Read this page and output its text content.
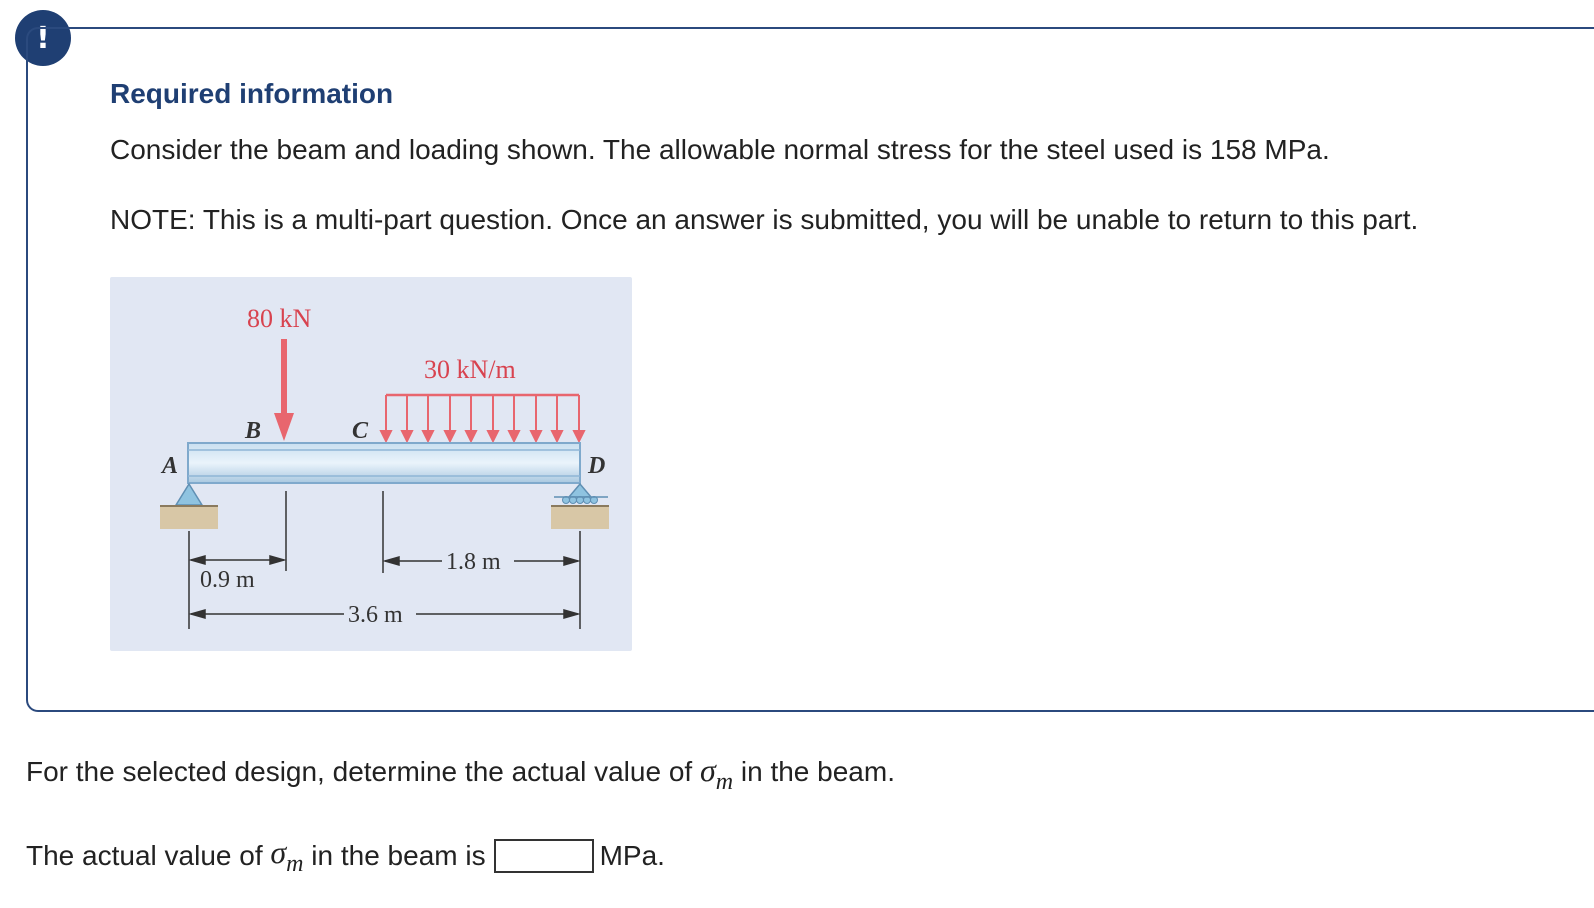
!
Required information

Consider the beam and loading shown. The allowable normal stress for the steel used is 158 MPa.

NOTE: This is a multi-part question. Once an answer is submitted, you will be unable to return to this part.

80 kN
30 kN/m
A
B	C
D
0.9 m
1.8 m
3.6 m

For the selected design, determine the actual value of $\sigma_m$ in the beam.

The actual value of $\sigma_m$ in the beam is	MPa.
